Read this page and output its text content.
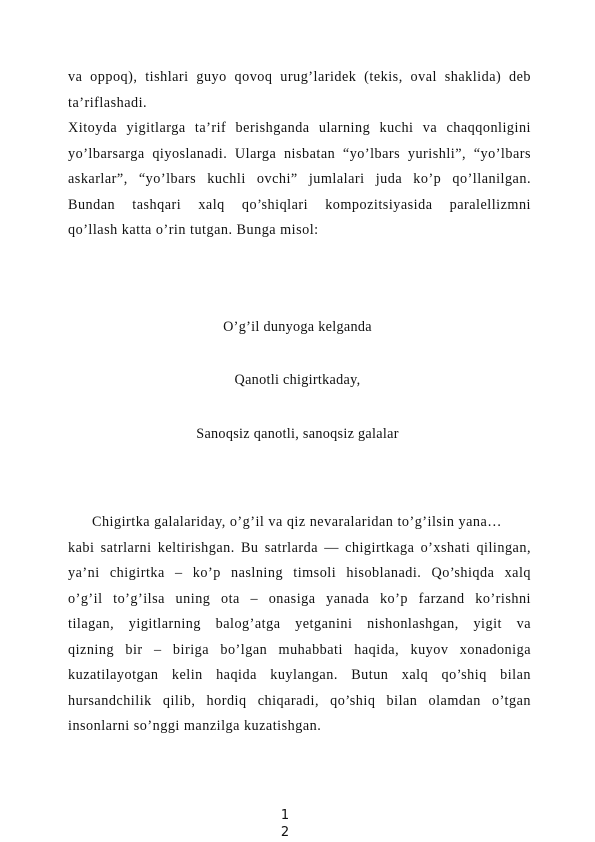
va oppoq), tishlari guyo qovoq urug’laridek (tekis, oval shaklida) deb
ta’riflashadi.
Xitoyda yigitlarga ta’rif berishganda ularning kuchi va chaqqonligini
yo’lbarsarga qiyoslanadi. Ularga nisbatan “yo’lbars yurishli”, “yo’lbars
askarlar”, “yo’lbars kuchli ovchi” jumlalari juda ko’p qo’llanilgan.
Bundan tashqari xalq qo’shiqlari kompozitsiyasida paralellizmni
qo’llash katta o’rin tutgan. Bunga misol:
O’g’il dunyoga kelganda
Qanotli chigirtkaday,
Sanoqsiz qanotli, sanoqsiz galalar
Chigirtka galalariday, o’g’il va qiz nevaralaridan to’g’ilsin yana…
kabi satrlarni keltirishgan. Bu satrlarda — chigirtkaga o’xshati qilingan,
ya’ni chigirtka – ko’p naslning timsoli hisoblanadi. Qo’shiqda xalq
o’g’il to’g’ilsa uning ota – onasiga yanada ko’p farzand ko’rishni
tilagan, yigitlarning balog’atga yetganini nishonlashgan, yigit va
qizning bir – biriga bo’lgan muhabbati haqida, kuyov xonadoniga
kuzatilayotgan kelin haqida kuylangan. Butun xalq qo’shiq bilan
hursandchilik qilib, hordiq chiqaradi, qo’shiq bilan olamdan o’tgan
insonlarni so’nggi manzilga kuzatishgan.
1
2
